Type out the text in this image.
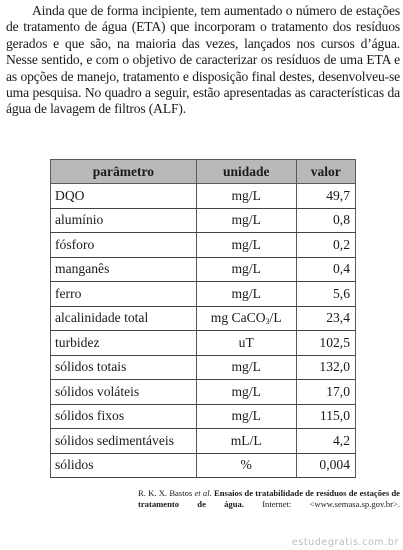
Ainda que de forma incipiente, tem aumentado o número de estações de tratamento de água (ETA) que incorporam o tratamento dos resíduos gerados e que são, na maioria das vezes, lançados nos cursos d’água. Nesse sentido, e com o objetivo de caracterizar os resíduos de uma ETA e as opções de manejo, tratamento e disposição final destes, desenvolveu-se uma pesquisa. No quadro a seguir, estão apresentadas as características da água de lavagem de filtros (ALF).

parâmetro	unidade	valor
DQO	mg/L	49,7
alumínio	mg/L	0,8
fósforo	mg/L	0,2
manganês	mg/L	0,4
ferro	mg/L	5,6
alcalinidade total	mg CaCO$_3$/L	23,4
turbidez	uT	102,5
sólidos totais	mg/L	132,0
sólidos voláteis	mg/L	17,0
sólidos fixos	mg/L	115,0
sólidos sedimentáveis	mL/L	4,2
sólidos	%	0,004

R. K. X. Bastos et al. Ensaios de tratabilidade de resíduos de estações de tratamento de água. Internet: <www.semasa.sp.gov.br>.

estudegratis.com.br
